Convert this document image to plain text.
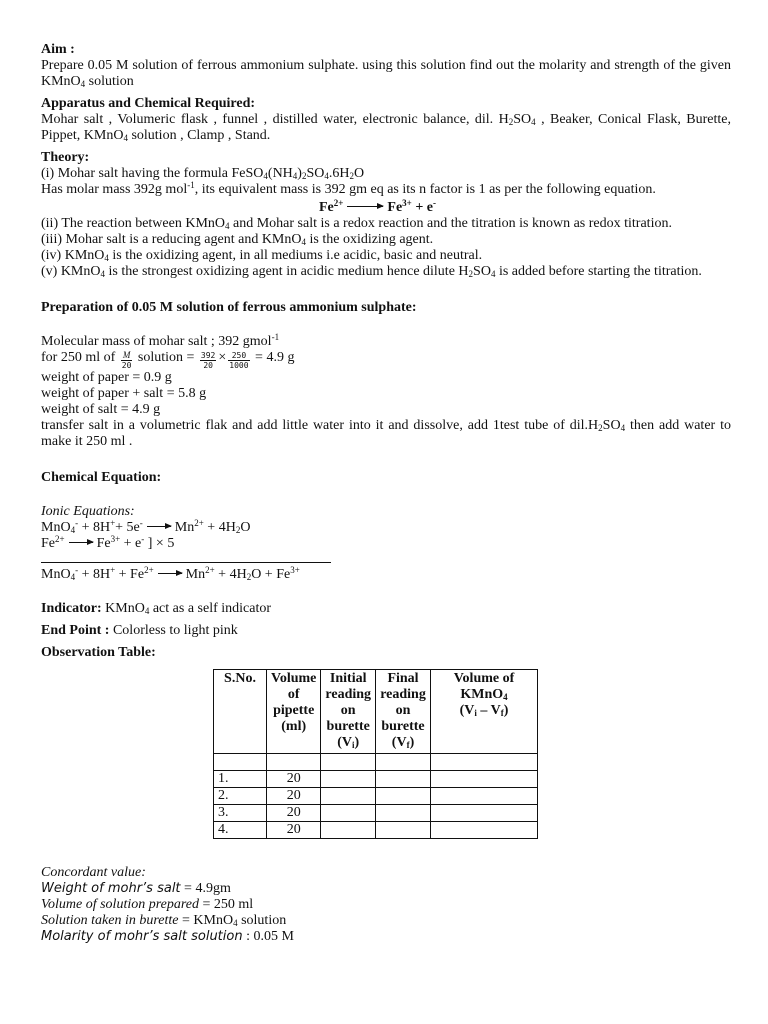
Aim :

Prepare 0.05 M solution of ferrous ammonium sulphate. using this solution find out the molarity and strength of the given KMnO$_4$ solution

Apparatus and Chemical Required:

Mohar salt , Volumeric flask , funnel , distilled water, electronic balance, dil. $H_2SO_4$ , Beaker, Conical Flask, Burette, Pippet, KMnO$_4$ solution , Clamp , Stand.

Theory:

(i) Mohar salt having the formula $FeSO_4(NH_4)_2SO_4.6H_2O$

Has molar mass 392g mol$^{-1}$, its equivalent mass is 392 gm eq as its n factor is 1 as per the following equation.

$Fe^{2+} \to Fe^{3+} + e^-$

(ii) The reaction between KMnO$_4$ and Mohar salt is a redox reaction and the titration is known as redox titration.

(iii) Mohar salt is a reducing agent and KMnO$_4$ is the oxidizing agent.

(iv) KMnO$_4$ is the oxidizing agent, in all mediums i.e acidic, basic and neutral.

(v) KMnO$_4$ is the strongest oxidizing agent in acidic medium hence dilute $H_2SO_4$ is added before starting the titration.

Preparation of 0.05 M solution of ferrous ammonium sulphate:

Molecular mass of mohar salt ; 392 gmol$^{-1}$

for 250 ml of $\frac{M}{20}$ solution = $\frac{392}{20} \times \frac{250}{1000} = 4.9$ g

weight of paper = 0.9 g

weight of paper + salt = 5.8 g

weight of salt = 4.9 g

transfer salt in a volumetric flak and add little water into it and dissolve, add 1test tube of $dil.H_2SO_4$ then add water to make it 250 ml .

Chemical Equation:

Ionic Equations:

$MnO_4^- + 8H^++ 5e^- \to Mn^{2+} + 4H_2O$

$Fe^{2+} \to Fe^{3+} + e^-$ ] × 5

$MnO_4^- + 8H^+ + Fe^{2+} \to Mn^{2+} + 4H_2O + Fe^{3+}$

Indicator: KMnO$_4$ act as a self indicator

End Point : Colorless to light pink

Observation Table:

S.No.	Volume of pipette (ml)	Initial reading on burette $(V_i)$	Final reading on burette $(V_f)$	Volume of KMnO$_4$
$(V_i - V_f)$

1.	20			
2.	20			
3.	20			
4.	20			

Concordant value:

Weight of mohr’s salt = 4.9gm

Volume of solution prepared = 250 ml

Solution taken in burette = KMnO$_4$ solution

Molarity of mohr’s salt solution : 0.05 M
